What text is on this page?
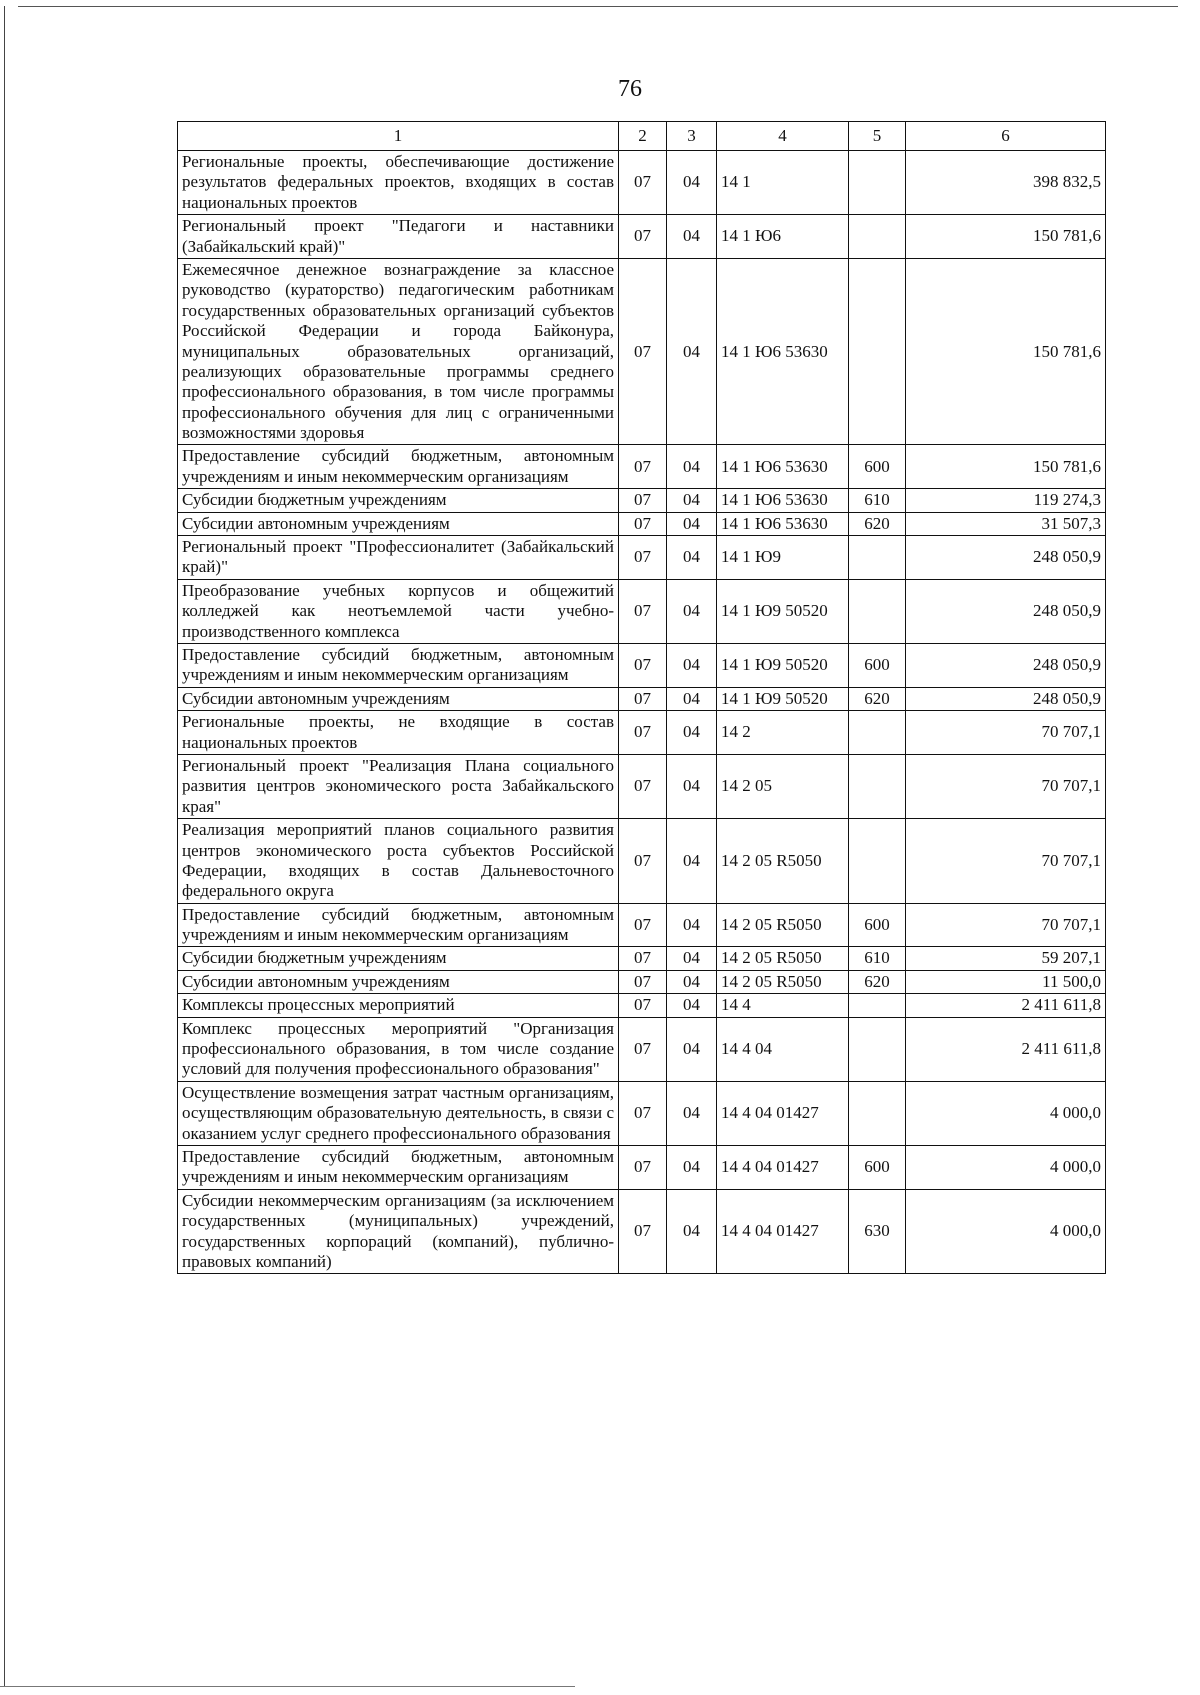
76
1	2	3	4	5	6
Региональные проекты, обеспечивающие достижение результатов федеральных проектов, входящих в состав национальных проектов	07	04	14 1		398 832,5
Региональный проект "Педагоги и наставники (Забайкальский край)"	07	04	14 1 Ю6		150 781,6
Ежемесячное денежное вознаграждение за классное руководство (кураторство) педагогическим работникам государственных образовательных организаций субъектов Российской Федерации и города Байконура, муниципальных образовательных организаций, реализующих образовательные программы среднего профессионального образования, в том числе программы профессионального обучения для лиц с ограниченными возможностями здоровья	07	04	14 1 Ю6 53630		150 781,6
Предоставление субсидий бюджетным, автономным учреждениям и иным некоммерческим организациям	07	04	14 1 Ю6 53630	600	150 781,6
Субсидии бюджетным учреждениям	07	04	14 1 Ю6 53630	610	119 274,3
Субсидии автономным учреждениям	07	04	14 1 Ю6 53630	620	31 507,3
Региональный проект "Профессионалитет (Забайкальский край)"	07	04	14 1 Ю9		248 050,9
Преобразование учебных корпусов и общежитий колледжей как неотъемлемой части учебно-производственного комплекса	07	04	14 1 Ю9 50520		248 050,9
Предоставление субсидий бюджетным, автономным учреждениям и иным некоммерческим организациям	07	04	14 1 Ю9 50520	600	248 050,9
Субсидии автономным учреждениям	07	04	14 1 Ю9 50520	620	248 050,9
Региональные проекты, не входящие в состав национальных проектов	07	04	14 2		70 707,1
Региональный проект "Реализация Плана социального развития центров экономического роста Забайкальского края"	07	04	14 2 05		70 707,1
Реализация мероприятий планов социального развития центров экономического роста субъектов Российской Федерации, входящих в состав Дальневосточного федерального округа	07	04	14 2 05 R5050		70 707,1
Предоставление субсидий бюджетным, автономным учреждениям и иным некоммерческим организациям	07	04	14 2 05 R5050	600	70 707,1
Субсидии бюджетным учреждениям	07	04	14 2 05 R5050	610	59 207,1
Субсидии автономным учреждениям	07	04	14 2 05 R5050	620	11 500,0
Комплексы процессных мероприятий	07	04	14 4		2 411 611,8
Комплекс процессных мероприятий "Организация профессионального образования, в том числе создание условий для получения профессионального образования"	07	04	14 4 04		2 411 611,8
Осуществление возмещения затрат частным организациям, осуществляющим образовательную деятельность, в связи с оказанием услуг среднего профессионального образования	07	04	14 4 04 01427		4 000,0
Предоставление субсидий бюджетным, автономным учреждениям и иным некоммерческим организациям	07	04	14 4 04 01427	600	4 000,0
Субсидии некоммерческим организациям (за исключением государственных (муниципальных) учреждений, государственных корпораций (компаний), публично-правовых компаний)	07	04	14 4 04 01427	630	4 000,0
